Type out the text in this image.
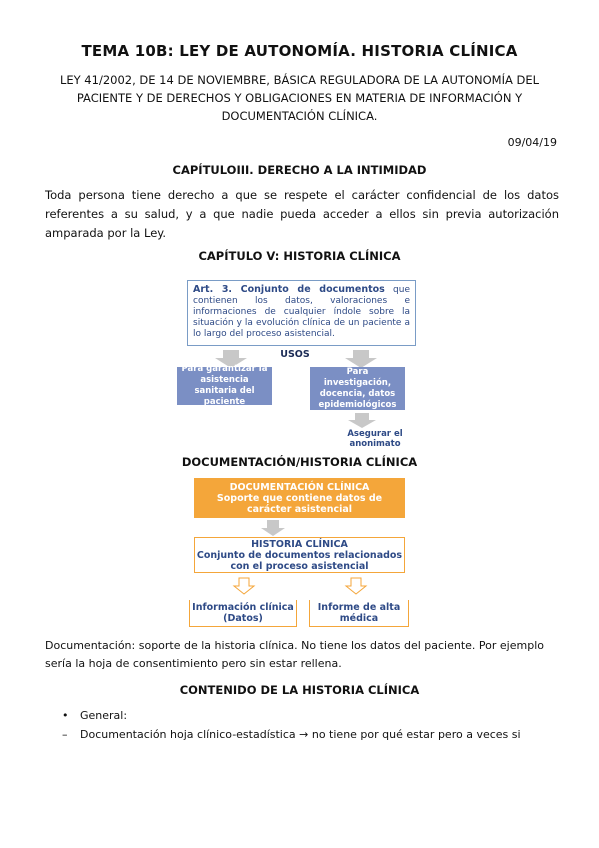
TEMA 10B: LEY DE AUTONOMÍA. HISTORIA CLÍNICA
LEY 41/2002, DE 14 DE NOVIEMBRE, BÁSICA REGULADORA DE LA AUTONOMÍA DEL PACIENTE Y DE DERECHOS Y OBLIGACIONES EN MATERIA DE INFORMACIÓN Y DOCUMENTACIÓN CLÍNICA.
09/04/19
CAPÍTULOIII. DERECHO A LA INTIMIDAD
Toda persona tiene derecho a que se respete el carácter confidencial de los datos referentes a su salud, y a que nadie pueda acceder a ellos sin previa autorización amparada por la Ley.
CAPÍTULO V: HISTORIA CLÍNICA
Art. 3. Conjunto de documentos que contienen los datos, valoraciones e informaciones de cualquier índole sobre la situación y la evolución clínica de un paciente a lo largo del proceso asistencial.
USOS
Para garantizar la asistencia sanitaria del paciente
Para investigación, docencia, datos epidemiológicos
Asegurar el anonimato
DOCUMENTACIÓN/HISTORIA CLÍNICA
DOCUMENTACIÓN CLÍNICA
Soporte que contiene datos de carácter asistencial
HISTORIA CLÍNICA
Conjunto de documentos relacionados con el proceso asistencial
Información clínica
(Datos)
Informe de alta
médica
Documentación: soporte de la historia clínica. No tiene los datos del paciente. Por ejemplo sería la hoja de consentimiento pero sin estar rellena.
CONTENIDO DE LA HISTORIA CLÍNICA
•	General:
–	Documentación hoja clínico-estadística → no tiene por qué estar pero a veces si
